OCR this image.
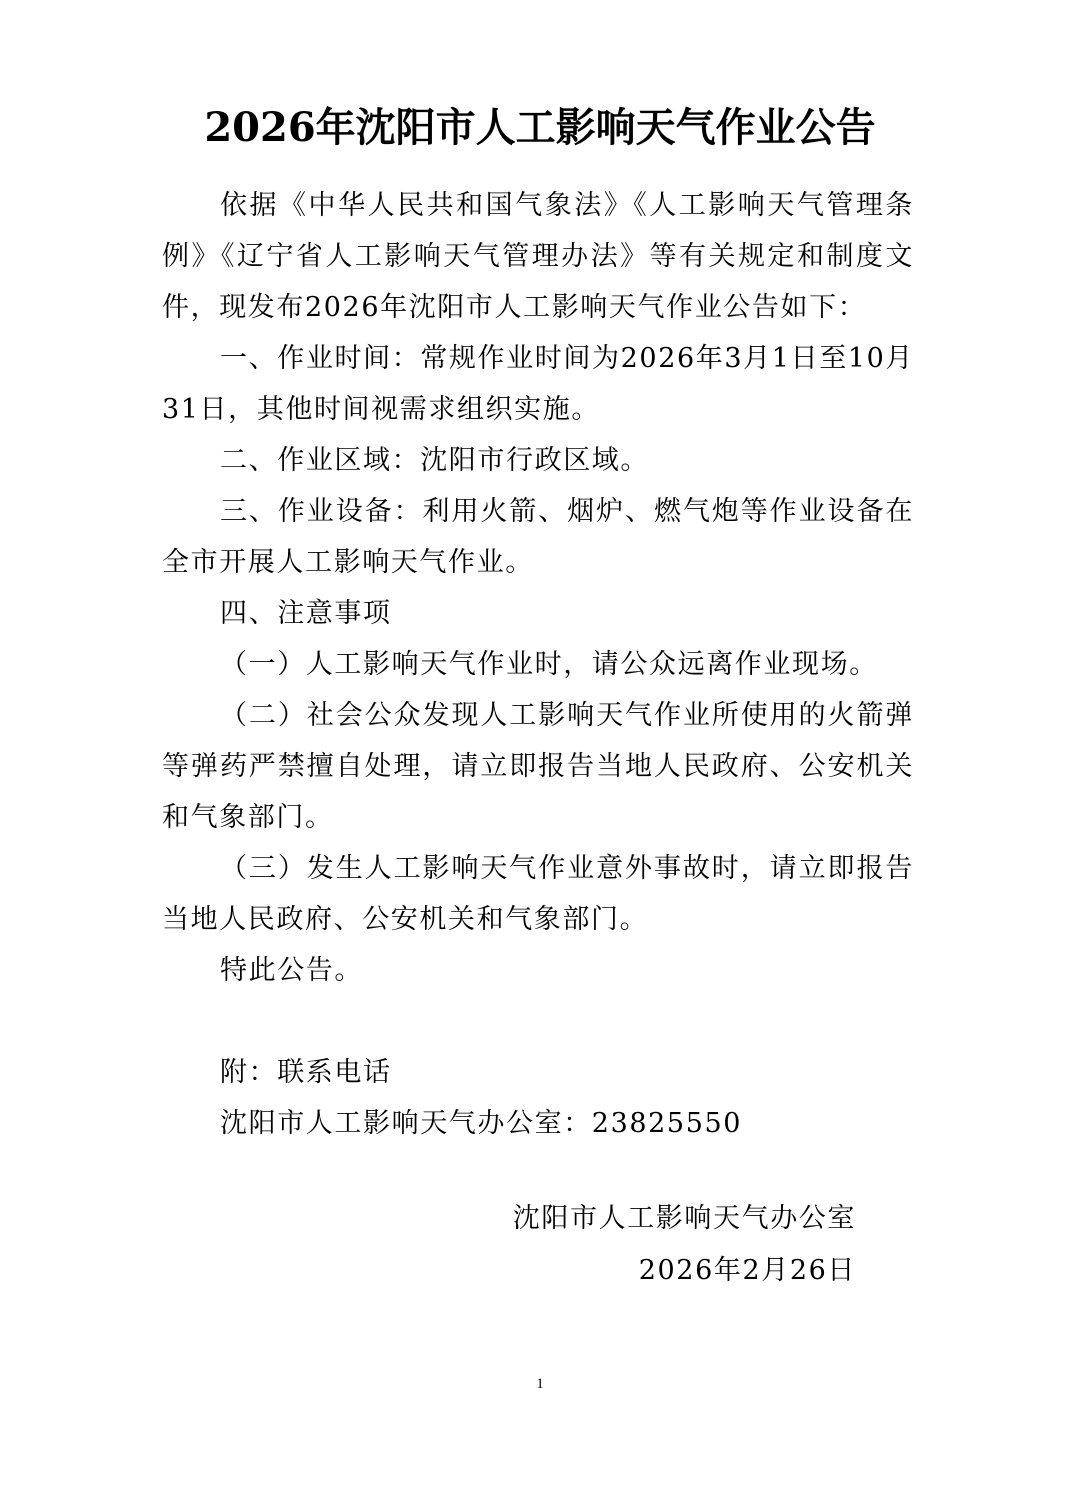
2026年沈阳市人工影响天气作业公告

依据《中华人民共和国气象法》《人工影响天气管理条例》《辽宁省人工影响天气管理办法》等有关规定和制度文件，现发布2026年沈阳市人工影响天气作业公告如下：

一、作业时间：常规作业时间为2026年3月1日至10月31日，其他时间视需求组织实施。

二、作业区域：沈阳市行政区域。

三、作业设备：利用火箭、烟炉、燃气炮等作业设备在全市开展人工影响天气作业。

四、注意事项

（一）人工影响天气作业时，请公众远离作业现场。

（二）社会公众发现人工影响天气作业所使用的火箭弹等弹药严禁擅自处理，请立即报告当地人民政府、公安机关和气象部门。

（三）发生人工影响天气作业意外事故时，请立即报告当地人民政府、公安机关和气象部门。

特此公告。

附：联系电话

沈阳市人工影响天气办公室：23825550

沈阳市人工影响天气办公室
2026年2月26日
1
